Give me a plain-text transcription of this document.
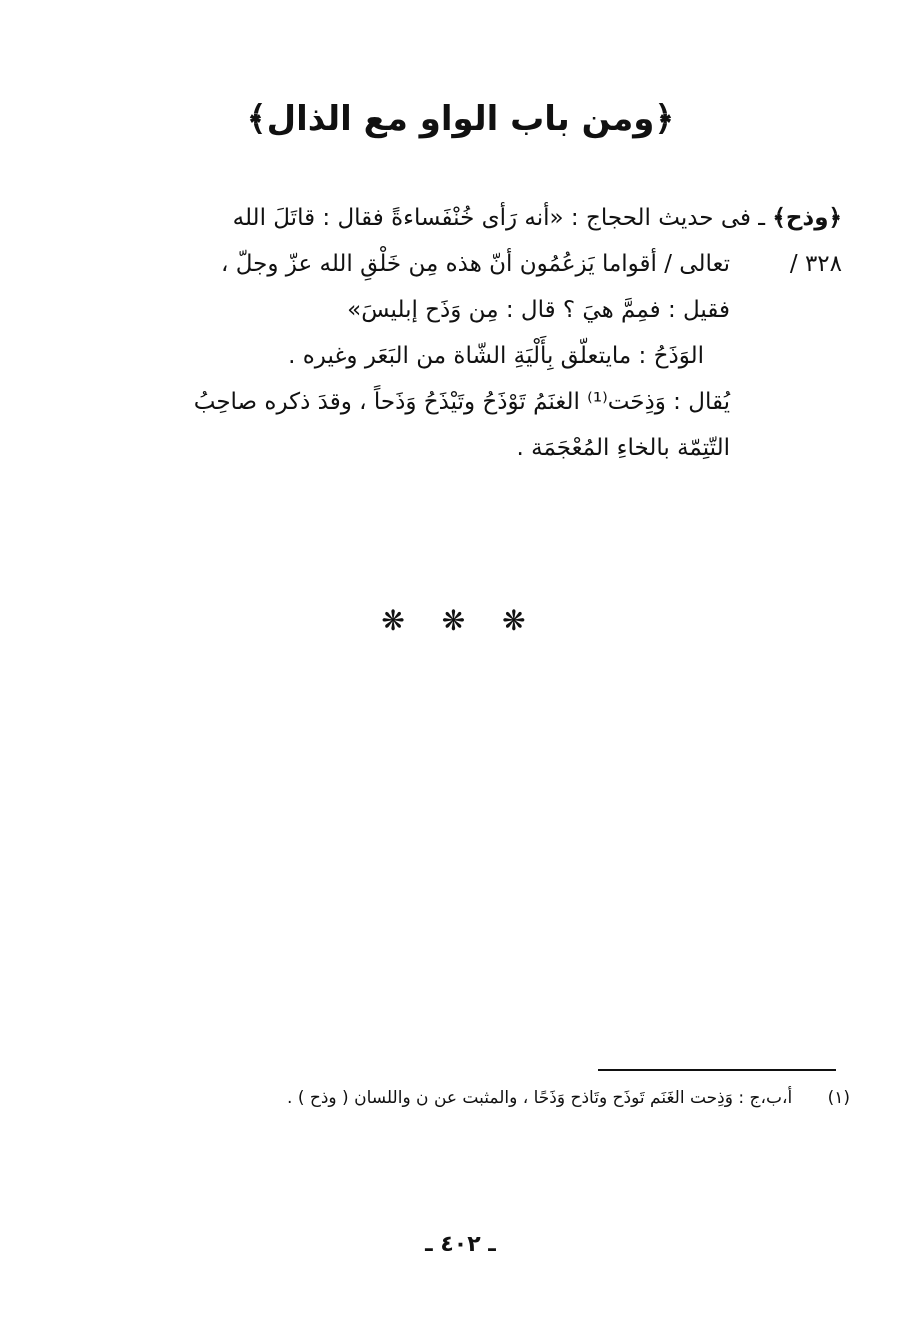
﴿ومن باب الواو مع الذال﴾
﴿وذح﴾ ـ فى حديث الحجاج : «أنه رَأى خُنْفَساءةً فقال : قاتَلَ الله
٣٢٨ /
تعالى / أقواما يَزعُمُون أنّ هذه مِن خَلْقِ الله عزّ وجلّ ،
فقيل : فمِمَّ هيَ ؟ قال : مِن وَذَح إبليسَ»
الوَذَحُ : مايتعلّق بِأَلْيَةِ الشّاة من البَعَر وغيره .
يُقال : وَذِحَت⁽¹⁾ الغنَمُ تَوْذَحُ وتَيْذَحُ وَذَحاً ، وقدَ ذكره صاحِبُ
التّتِمّة بالخاءِ المُعْجَمَة .
❋ ❋ ❋
(١) أ،ب،ج : وَذِحت الغَنَم تَوذَح وتَاذح وَذَحًا ، والمثبت عن ن واللسان ( وذح ) .
ـ ٤٠٢ ـ
